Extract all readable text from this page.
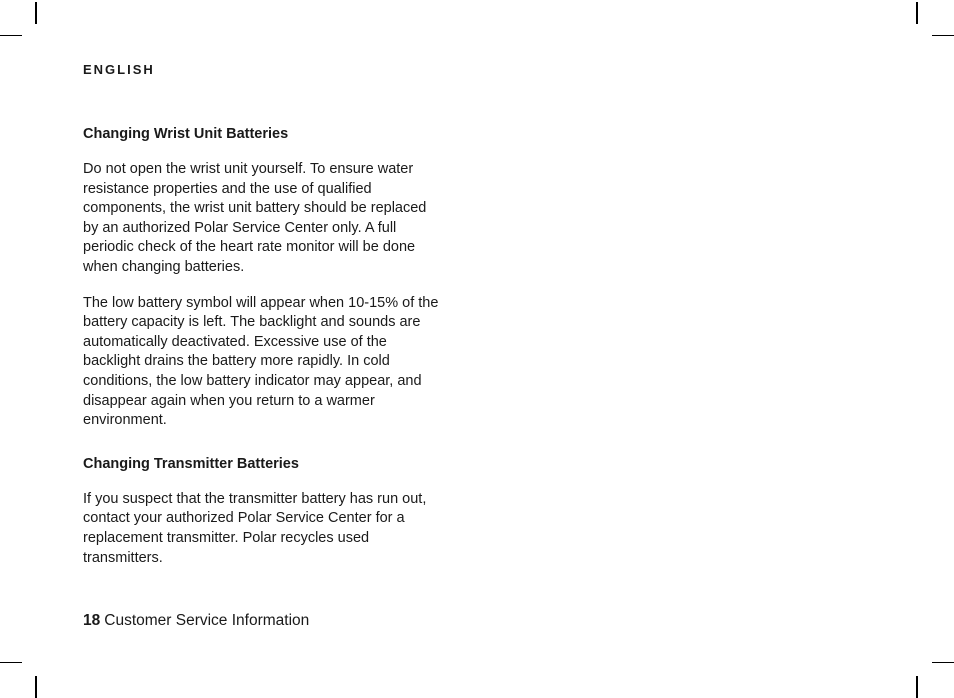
ENGLISH

Changing Wrist Unit Batteries

Do not open the wrist unit yourself. To ensure water resistance properties and the use of qualified components, the wrist unit battery should be replaced by an authorized Polar Service Center only. A full periodic check of the heart rate monitor will be done when changing batteries.

The low battery symbol will appear when 10-15% of the battery capacity is left. The backlight and sounds are automatically deactivated. Excessive use of the backlight drains the battery more rapidly. In cold conditions, the low battery indicator may appear, and disappear again when you return to a warmer environment.

Changing Transmitter Batteries

If you suspect that the transmitter battery has run out, contact your authorized Polar Service Center for a replacement transmitter. Polar recycles used transmitters.

18 Customer Service Information
